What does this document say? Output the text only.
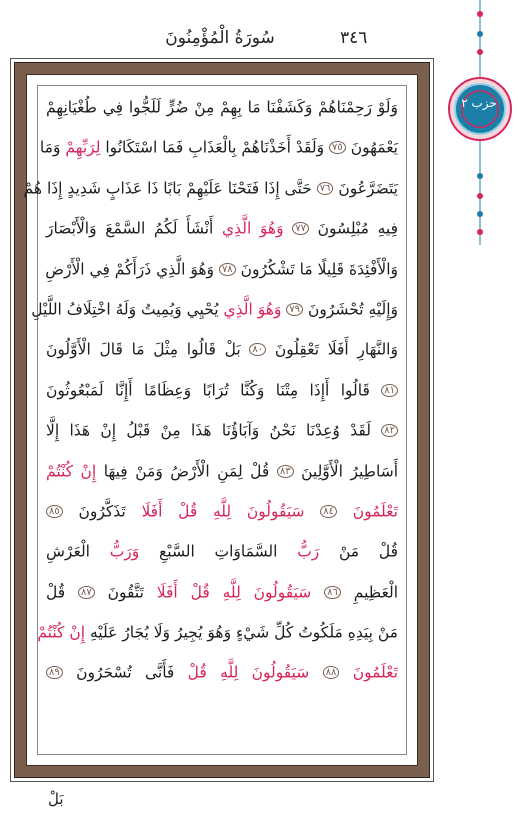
سُورَةُ الْمُؤْمِنُونَ	٣٤٦
وَلَوْ رَحِمْنَاهُمْ وَكَشَفْنَا مَا بِهِمْ مِنْ ضُرٍّ لَلَجُّوا فِي طُغْيَانِهِمْ
يَعْمَهُونَ ٧٥ وَلَقَدْ أَخَذْنَاهُمْ بِالْعَذَابِ فَمَا اسْتَكَانُوا لِرَبِّهِمْ وَمَا
يَتَضَرَّعُونَ ٧٦ حَتَّى إِذَا فَتَحْنَا عَلَيْهِمْ بَابًا ذَا عَذَابٍ شَدِيدٍ إِذَا هُمْ
فِيهِ مُبْلِسُونَ ٧٧ وَهُوَ الَّذِي أَنْشَأَ لَكُمُ السَّمْعَ وَالْأَبْصَارَ
وَالْأَفْئِدَةَ قَلِيلًا مَا تَشْكُرُونَ ٧٨ وَهُوَ الَّذِي ذَرَأَكُمْ فِي الْأَرْضِ
وَإِلَيْهِ تُحْشَرُونَ ٧٩ وَهُوَ الَّذِي يُحْيِي وَيُمِيتُ وَلَهُ اخْتِلَافُ اللَّيْلِ
وَالنَّهَارِ أَفَلَا تَعْقِلُونَ ٨٠ بَلْ قَالُوا مِثْلَ مَا قَالَ الْأَوَّلُونَ
٨١ قَالُوا أَإِذَا مِتْنَا وَكُنَّا تُرَابًا وَعِظَامًا أَإِنَّا لَمَبْعُوثُونَ
٨٢ لَقَدْ وُعِدْنَا نَحْنُ وَآبَاؤُنَا هَذَا مِنْ قَبْلُ إِنْ هَذَا إِلَّا
أَسَاطِيرُ الْأَوَّلِينَ ٨٣ قُلْ لِمَنِ الْأَرْضُ وَمَنْ فِيهَا إِنْ كُنْتُمْ
تَعْلَمُونَ ٨٤ سَيَقُولُونَ لِلَّهِ قُلْ أَفَلَا تَذَكَّرُونَ ٨٥
قُلْ مَنْ رَبُّ السَّمَاوَاتِ السَّبْعِ وَرَبُّ الْعَرْشِ
الْعَظِيمِ ٨٦ سَيَقُولُونَ لِلَّهِ قُلْ أَفَلَا تَتَّقُونَ ٨٧ قُلْ
مَنْ بِيَدِهِ مَلَكُوتُ كُلِّ شَيْءٍ وَهُوَ يُجِيرُ وَلَا يُجَارُ عَلَيْهِ إِنْ كُنْتُمْ
تَعْلَمُونَ ٨٨ سَيَقُولُونَ لِلَّهِ قُلْ فَأَنَّى تُسْحَرُونَ ٨٩
بَلْ
حزب ٢
